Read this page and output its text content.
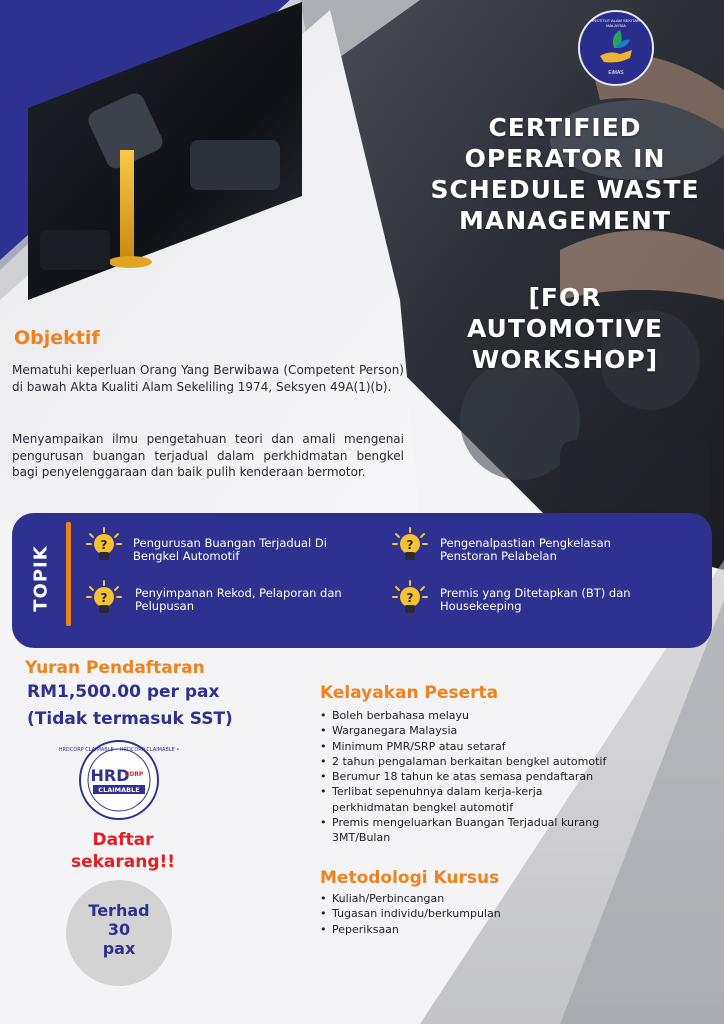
INSTITUT ALAM SEKITAR MALAYSIA
EiMAS
CERTIFIED
OPERATOR IN
SCHEDULE WASTE
MANAGEMENT
[FOR AUTOMOTIVE
WORKSHOP]
Objektif
Mematuhi keperluan Orang Yang Berwibawa (Competent Person) di bawah Akta Kualiti Alam Sekeliling 1974, Seksyen 49A(1)(b).
Menyampaikan ilmu pengetahuan teori dan amali mengenai pengurusan buangan terjadual dalam perkhidmatan bengkel bagi penyelenggaraan dan baik pulih kenderaan bermotor.
TOPIK
? Pengurusan Buangan Terjadual Di
Bengkel Automotif
? Pengenalpastian Pengkelasan
Penstoran Pelabelan
? Penyimpanan Rekod, Pelaporan dan
Pelupusan
? Premis yang Ditetapkan (BT) dan
Housekeeping
Yuran Pendaftaran
RM1,500.00 per pax
(Tidak termasuk SST)
HRDCORP CLAIMABLE • HRDCORP CLAIMABLE •
HRD
CORP
CLAIMABLE
Daftar
sekarang!!
Terhad
30
pax
Kelayakan Peserta
• Boleh berbahasa melayu
• Warganegara Malaysia
• Minimum PMR/SRP atau setaraf
• 2 tahun pengalaman berkaitan bengkel automotif
• Berumur 18 tahun ke atas semasa pendaftaran
• Terlibat sepenuhnya dalam kerja-kerja perkhidmatan bengkel automotif
• Premis mengeluarkan Buangan Terjadual kurang 3MT/Bulan
Metodologi Kursus
• Kuliah/Perbincangan
• Tugasan individu/berkumpulan
• Peperiksaan
